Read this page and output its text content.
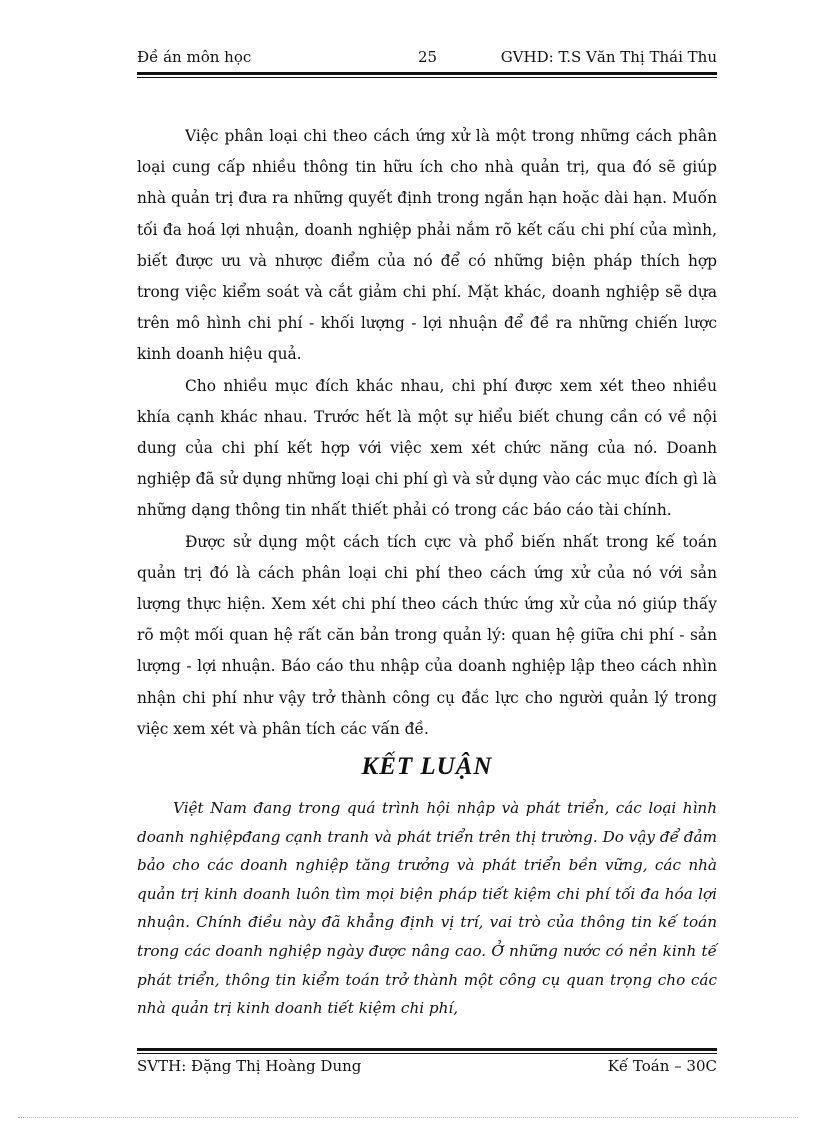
Đề án môn học	25	GVHD: T.S Văn Thị Thái Thu

Việc phân loại chi theo cách ứng xử là một trong những cách phân loại cung cấp nhiều thông tin hữu ích cho nhà quản trị, qua đó sẽ giúp nhà quản trị đưa ra những quyết định trong ngắn hạn hoặc dài hạn. Muốn tối đa hoá lợi nhuận, doanh nghiệp phải nắm rõ kết cấu chi phí của mình, biết được ưu và nhược điểm của nó để có những biện pháp thích hợp trong việc kiểm soát và cắt giảm chi phí. Mặt khác, doanh nghiệp sẽ dựa trên mô hình chi phí - khối lượng - lợi nhuận để đề ra những chiến lược kinh doanh hiệu quả.

Cho nhiều mục đích khác nhau, chi phí được xem xét theo nhiều khía cạnh khác nhau. Trước hết là một sự hiểu biết chung cần có về nội dung của chi phí kết hợp với việc xem xét chức năng của nó. Doanh nghiệp đã sử dụng những loại chi phí gì và sử dụng vào các mục đích gì là những dạng thông tin nhất thiết phải có trong các báo cáo tài chính.

Được sử dụng một cách tích cực và phổ biến nhất trong kế toán quản trị đó là cách phân loại chi phí theo cách ứng xử của nó với sản lượng thực hiện. Xem xét chi phí theo cách thức ứng xử của nó giúp thấy rõ một mối quan hệ rất căn bản trong quản lý: quan hệ giữa chi phí - sản lượng - lợi nhuận. Báo cáo thu nhập của doanh nghiệp lập theo cách nhìn nhận chi phí như vậy trở thành công cụ đắc lực cho người quản lý trong việc xem xét và phân tích các vấn đề.

KẾT LUẬN

Việt Nam đang trong quá trình hội nhập và phát triển, các loại hình doanh nghiệpđang cạnh tranh và phát triển trên thị trường. Do vậy để đảm bảo cho các doanh nghiệp tăng trưởng và phát triển bền vững, các nhà quản trị kinh doanh luôn tìm mọi biện pháp tiết kiệm chi phí tối đa hóa lợi nhuận. Chính điều này đã khẳng định vị trí, vai trò của thông tin kế toán trong các doanh nghiệp ngày được nâng cao. Ở những nước có nền kinh tế phát triển, thông tin kiểm toán trở thành một công cụ quan trọng cho các nhà quản trị kinh doanh tiết kiệm chi phí,

SVTH: Đặng Thị Hoàng Dung	Kế Toán – 30C
